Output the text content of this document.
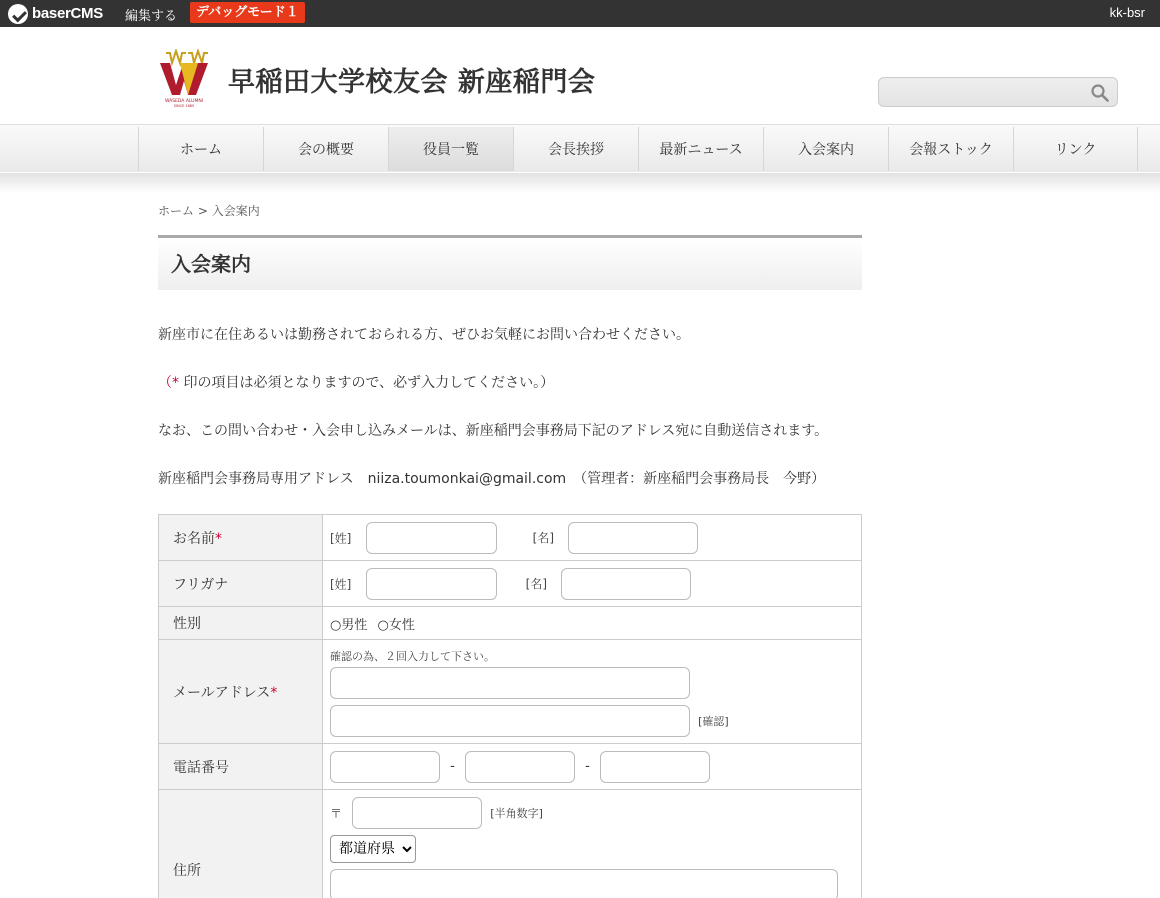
baserCMS 編集する	デバッグモード１	kk-bsr
WASEDA ALUMNI
SINCE 1885
早稲田大学校友会 新座稲門会
ホーム	会の概要	役員一覧	会長挨拶	最新ニュース	入会案内	会報ストック	リンク
ホーム > 入会案内
入会案内
新座市に在住あるいは勤務されておられる方、ぜひお気軽にお問い合わせください。
（* 印の項目は必須となりますので、必ず入力してください。）
なお、この問い合わせ・入会申し込みメールは、新座稲門会事務局下記のアドレス宛に自動送信されます。
新座稲門会事務局専用アドレス　niiza.toumonkai@gmail.com　（管理者：新座稲門会事務局長　今野）
お名前*	[姓] [名]
フリガナ	[姓] [名]
性別	○男性 ○女性
メールアドレス*	確認の為、２回入力して下さい。
[確認]

電話番号	- -
住所	〒 [半角数字]
都道府県
